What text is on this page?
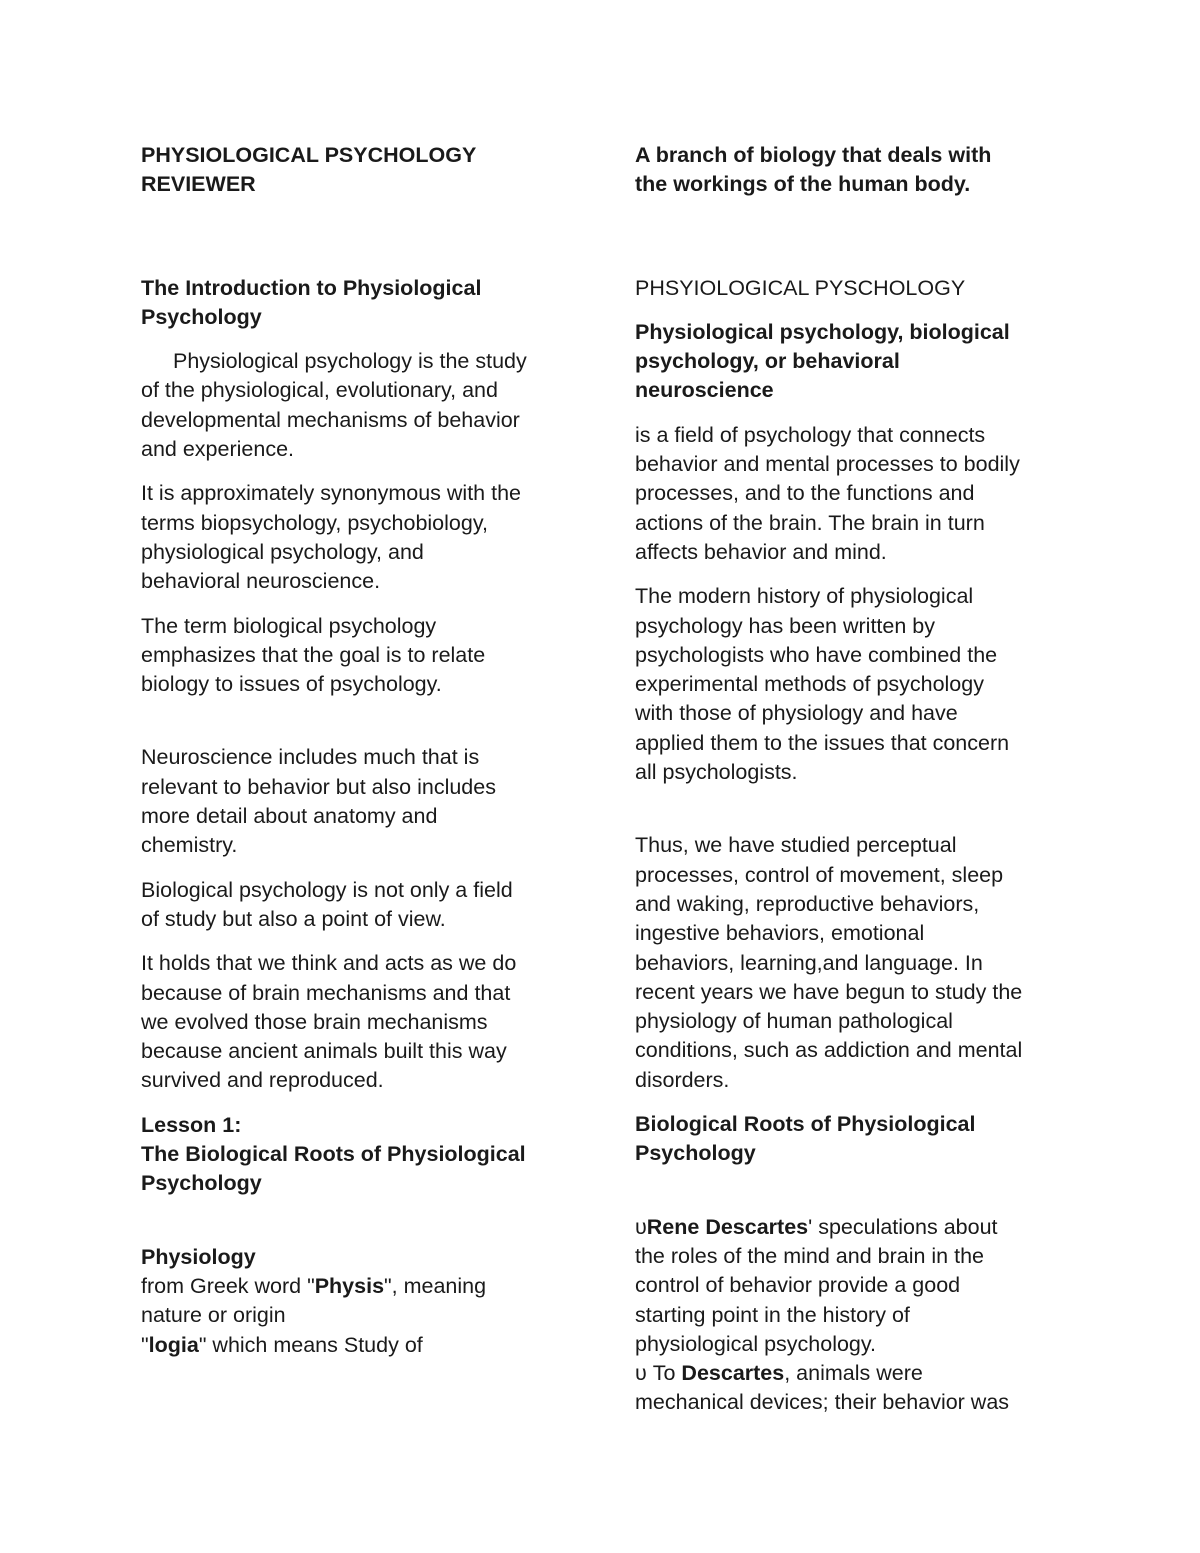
PHYSIOLOGICAL PSYCHOLOGY
REVIEWER

The Introduction to Physiological
Psychology

Physiological psychology is the study
of the physiological, evolutionary, and
developmental mechanisms of behavior
and experience.

It is approximately synonymous with the
terms biopsychology, psychobiology,
physiological psychology, and
behavioral neuroscience.

The term biological psychology
emphasizes that the goal is to relate
biology to issues of psychology.

Neuroscience includes much that is
relevant to behavior but also includes
more detail about anatomy and
chemistry.

Biological psychology is not only a field
of study but also a point of view.

It holds that we think and acts as we do
because of brain mechanisms and that
we evolved those brain mechanisms
because ancient animals built this way
survived and reproduced.

Lesson 1:
The Biological Roots of Physiological
Psychology

Physiology
from Greek word "Physis", meaning
nature or origin
"logia" which means Study of

A branch of biology that deals with
the workings of the human body.

PHSYIOLOGICAL PYSCHOLOGY

Physiological psychology, biological
psychology, or behavioral
neuroscience

is a field of psychology that connects
behavior and mental processes to bodily
processes, and to the functions and
actions of the brain. The brain in turn
affects behavior and mind.

The modern history of physiological
psychology has been written by
psychologists who have combined the
experimental methods of psychology
with those of physiology and have
applied them to the issues that concern
all psychologists.

Thus, we have studied perceptual
processes, control of movement, sleep
and waking, reproductive behaviors,
ingestive behaviors, emotional
behaviors, learning,and language. In
recent years we have begun to study the
physiology of human pathological
conditions, such as addiction and mental
disorders.

Biological Roots of Physiological
Psychology

υRene Descartes' speculations about
the roles of the mind and brain in the
control of behavior provide a good
starting point in the history of
physiological psychology.
υ To Descartes, animals were
mechanical devices; their behavior was
